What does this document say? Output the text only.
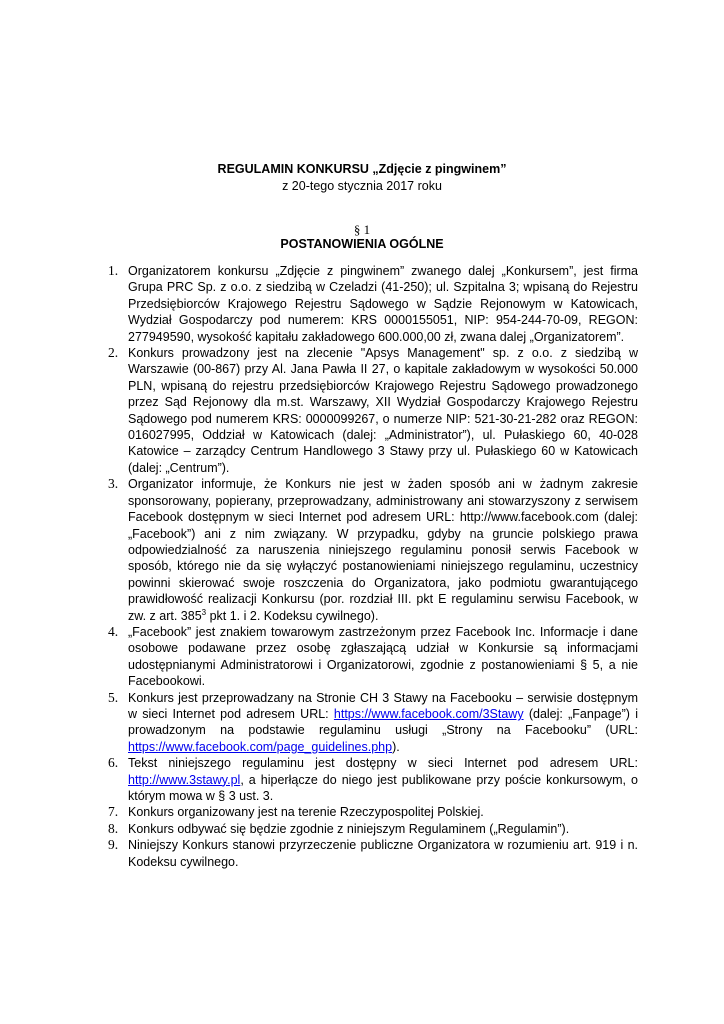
REGULAMIN KONKURSU „Zdjęcie z pingwinem”
z 20-tego stycznia 2017 roku
§ 1
POSTANOWIENIA OGÓLNE
1. Organizatorem konkursu „Zdjęcie z pingwinem” zwanego dalej „Konkursem”, jest firma Grupa PRC Sp. z o.o. z siedzibą w Czeladzi (41-250); ul. Szpitalna 3; wpisaną do Rejestru Przedsiębiorców Krajowego Rejestru Sądowego w Sądzie Rejonowym w Katowicach, Wydział Gospodarczy pod numerem: KRS 0000155051, NIP: 954-244-70-09, REGON: 277949590, wysokość kapitału zakładowego 600.000,00 zł, zwana dalej „Organizatorem”.
2. Konkurs prowadzony jest na zlecenie "Apsys Management" sp. z o.o. z siedzibą w Warszawie (00-867) przy Al. Jana Pawła II 27, o kapitale zakładowym w wysokości 50.000 PLN, wpisaną do rejestru przedsiębiorców Krajowego Rejestru Sądowego prowadzonego przez Sąd Rejonowy dla m.st. Warszawy, XII Wydział Gospodarczy Krajowego Rejestru Sądowego pod numerem KRS: 0000099267, o numerze NIP: 521-30-21-282 oraz REGON: 016027995, Oddział w Katowicach (dalej: „Administrator”), ul. Pułaskiego 60, 40-028 Katowice – zarządcy Centrum Handlowego 3 Stawy przy ul. Pułaskiego 60 w Katowicach (dalej: „Centrum”).
3. Organizator informuje, że Konkurs nie jest w żaden sposób ani w żadnym zakresie sponsorowany, popierany, przeprowadzany, administrowany ani stowarzyszony z serwisem Facebook dostępnym w sieci Internet pod adresem URL: http://www.facebook.com (dalej: „Facebook”) ani z nim związany. W przypadku, gdyby na gruncie polskiego prawa odpowiedzialność za naruszenia niniejszego regulaminu ponosił serwis Facebook w sposób, którego nie da się wyłączyć postanowieniami niniejszego regulaminu, uczestnicy powinni skierować swoje roszczenia do Organizatora, jako podmiotu gwarantującego prawidłowość realizacji Konkursu (por. rozdział III. pkt E regulaminu serwisu Facebook, w zw. z art. $385^3$ pkt 1. i 2. Kodeksu cywilnego).
4. „Facebook” jest znakiem towarowym zastrzeżonym przez Facebook Inc. Informacje i dane osobowe podawane przez osobę zgłaszającą udział w Konkursie są informacjami udostępnianymi Administratorowi i Organizatorowi, zgodnie z postanowieniami § 5, a nie Facebookowi.
5. Konkurs jest przeprowadzany na Stronie CH 3 Stawy na Facebooku – serwisie dostępnym w sieci Internet pod adresem URL: https://www.facebook.com/3Stawy (dalej: „Fanpage”) i prowadzonym na podstawie regulaminu usługi „Strony na Facebooku” (URL: https://www.facebook.com/page_guidelines.php).
6. Tekst niniejszego regulaminu jest dostępny w sieci Internet pod adresem URL: http://www.3stawy.pl, a hiperłącze do niego jest publikowane przy poście konkursowym, o którym mowa w § 3 ust. 3.
7. Konkurs organizowany jest na terenie Rzeczypospolitej Polskiej.
8. Konkurs odbywać się będzie zgodnie z niniejszym Regulaminem („Regulamin”).
9. Niniejszy Konkurs stanowi przyrzeczenie publiczne Organizatora w rozumieniu art. 919 i n. Kodeksu cywilnego.
